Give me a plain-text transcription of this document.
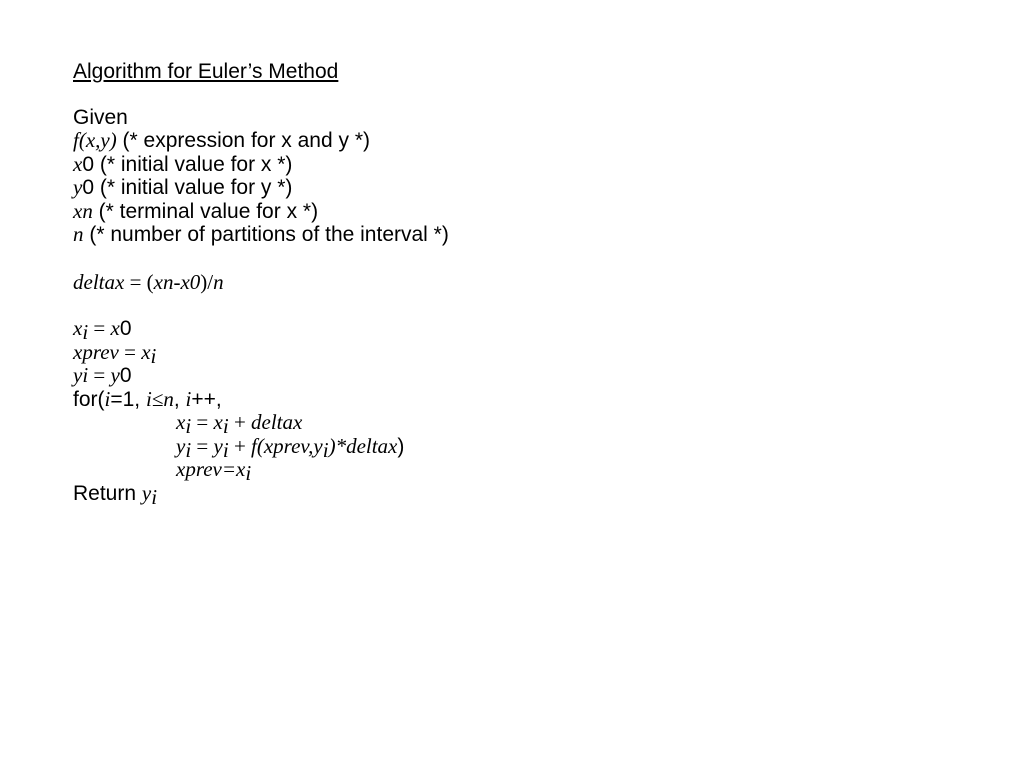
Algorithm for Euler’s Method
Given
f(x,y) (* expression for x and y *)
x0 (* initial value for x *)
y0 (* initial value for y *)
xn (* terminal value for x *)
n (* number of partitions of the interval *)
deltax = (xn-x0)/n
$x_i = x0$
xprev = $x_i$
yi = y0
for(i=1, i≤n, i++,
$x_i = x_i$ + deltax
$y_i = y_i$ + $f(xprev,y_i)*deltax$)
$xprev=x_i$
Return $y_i$
